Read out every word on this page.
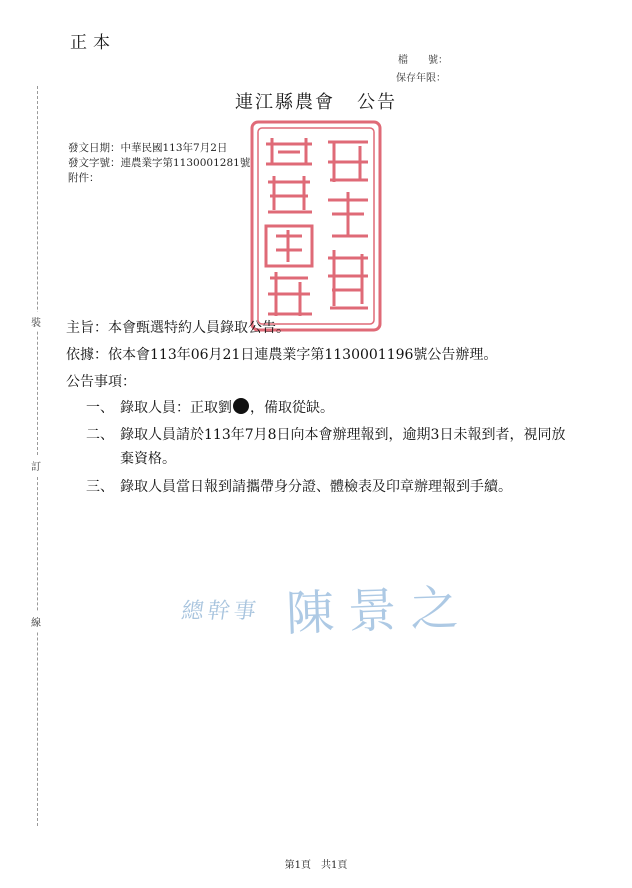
正本
檔　　號：
保存年限：
連江縣農會 公告
發文日期：中華民國113年7月2日
發文字號：連農業字第1130001281號
附件：
裝
訂
線
主旨：本會甄選特約人員錄取公告。
依據：依本會113年06月21日連農業字第1130001196號公告辦理。
公告事項：
一、 錄取人員：正取劉 ，備取從缺。
二、 錄取人員請於113年7月8日向本會辦理報到，逾期3日未報到者，視同放棄資格。
三、 錄取人員當日報到請攜帶身分證、體檢表及印章辦理報到手續。
總幹事 陳景之
第1頁 共1頁
